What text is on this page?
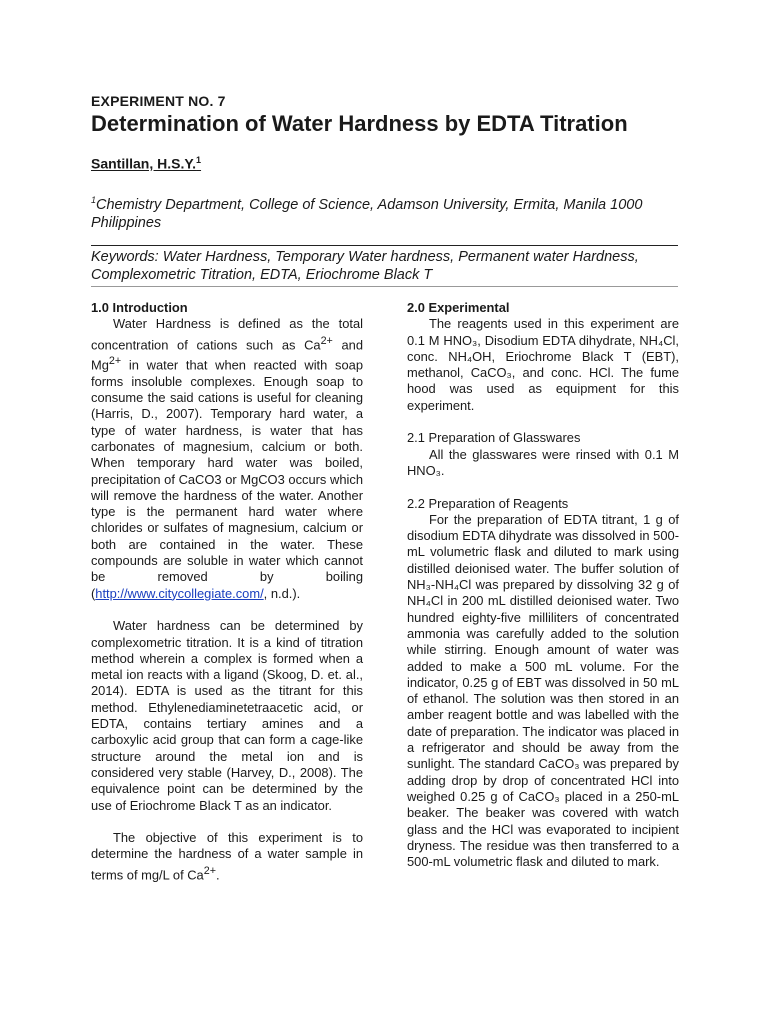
EXPERIMENT NO. 7
Determination of Water Hardness by EDTA Titration
Santillan, H.S.Y.$^1$
$^1$Chemistry Department, College of Science, Adamson University, Ermita, Manila 1000 Philippines
Keywords: Water Hardness, Temporary Water hardness, Permanent water Hardness, Complexometric Titration, EDTA, Eriochrome Black T
1.0 Introduction

Water Hardness is defined as the total concentration of cations such as $Ca^{2+}$ and $Mg^{2+}$ in water that when reacted with soap forms insoluble complexes. Enough soap to consume the said cations is useful for cleaning (Harris, D., 2007). Temporary hard water, a type of water hardness, is water that has carbonates of magnesium, calcium or both. When temporary hard water was boiled, precipitation of CaCO3 or MgCO3 occurs which will remove the hardness of the water. Another type is the permanent hard water where chlorides or sulfates of magnesium, calcium or both are contained in the water. These compounds are soluble in water which cannot be removed by boiling (http://www.citycollegiate.com/, n.d.).

Water hardness can be determined by complexometric titration. It is a kind of titration method wherein a complex is formed when a metal ion reacts with a ligand (Skoog, D. et. al., 2014). EDTA is used as the titrant for this method. Ethylenediaminetetraacetic acid, or EDTA, contains tertiary amines and a carboxylic acid group that can form a cage-like structure around the metal ion and is considered very stable (Harvey, D., 2008). The equivalence point can be determined by the use of Eriochrome Black T as an indicator.

The objective of this experiment is to determine the hardness of a water sample in terms of mg/L of $Ca^{2+}$.

2.0 Experimental

The reagents used in this experiment are 0.1 M HNO₃, Disodium EDTA dihydrate, NH₄Cl, conc. NH₄OH, Eriochrome Black T (EBT), methanol, CaCO₃, and conc. HCl. The fume hood was used as equipment for this experiment.

2.1 Preparation of Glasswares

All the glasswares were rinsed with 0.1 M HNO₃.

2.2 Preparation of Reagents

For the preparation of EDTA titrant, 1 g of disodium EDTA dihydrate was dissolved in 500-mL volumetric flask and diluted to mark using distilled deionised water. The buffer solution of NH₃-NH₄Cl was prepared by dissolving 32 g of NH₄Cl in 200 mL distilled deionised water. Two hundred eighty-five milliliters of concentrated ammonia was carefully added to the solution while stirring. Enough amount of water was added to make a 500 mL volume. For the indicator, 0.25 g of EBT was dissolved in 50 mL of ethanol. The solution was then stored in an amber reagent bottle and was labelled with the date of preparation. The indicator was placed in a refrigerator and should be away from the sunlight. The standard CaCO₃ was prepared by adding drop by drop of concentrated HCl into weighed 0.25 g of CaCO₃ placed in a 250-mL beaker. The beaker was covered with watch glass and the HCl was evaporated to incipient dryness. The residue was then transferred to a 500-mL volumetric flask and diluted to mark.
